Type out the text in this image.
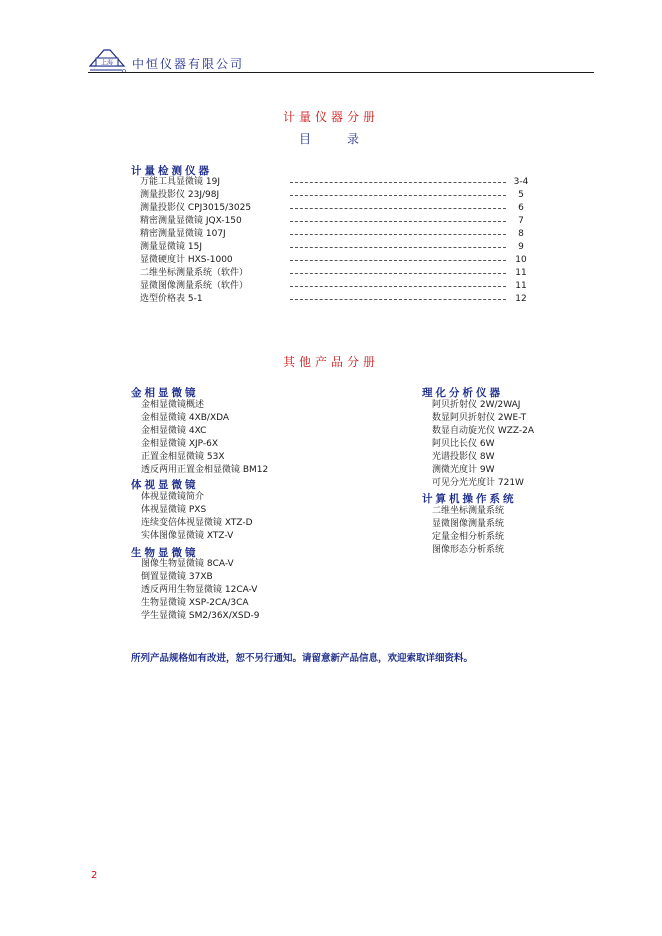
上海 中恒仪器有限公司
计量仪器分册
目　　录
计量检测仪器
万能工具显微镜 19J	3-4
测量投影仪 23J/98J	5
测量投影仪 CPJ3015/3025	6
精密测量显微镜 JQX-150	7
精密测量显微镜 107J	8
测量显微镜 15J	9
显微硬度计 HXS-1000	10
二维坐标测量系统（软件）	11
显微图像测量系统（软件）	11
选型价格表 5-1	12
其他产品分册
金相显微镜
金相显微镜概述
金相显微镜 4XB/XDA
金相显微镜 4XC
金相显微镜 XJP-6X
正置金相显微镜 53X
透反两用正置金相显微镜 BM12
体视显微镜
体视显微镜简介
体视显微镜 PXS
连续变倍体视显微镜 XTZ-D
实体图像显微镜 XTZ-V
生物显微镜
图像生物显微镜 8CA-V
倒置显微镜 37XB
透反两用生物显微镜 12CA-V
生物显微镜 XSP-2CA/3CA
学生显微镜 SM2/36X/XSD-9
理化分析仪器
阿贝折射仪 2W/2WAJ
数显阿贝折射仪 2WE-T
数显自动旋光仪 WZZ-2A
阿贝比长仪 6W
光谱投影仪 8W
测微光度计 9W
可见分光光度计 721W
计算机操作系统
二维坐标测量系统
显微图像测量系统
定量金相分析系统
图像形态分析系统
所列产品规格如有改进，恕不另行通知。请留意新产品信息，欢迎索取详细资料。
2
